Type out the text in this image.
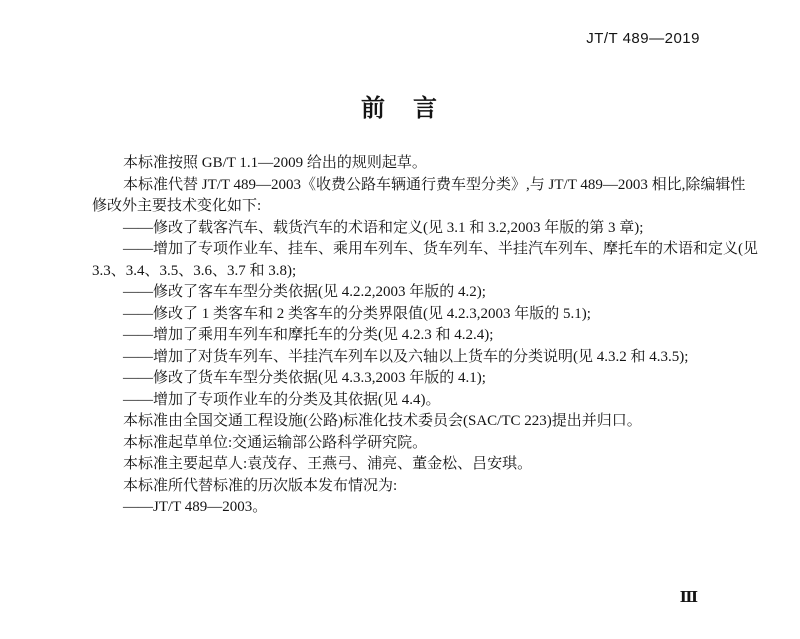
JT/T 489—2019
前　言
本标准按照 GB/T 1.1—2009 给出的规则起草。
本标准代替 JT/T 489—2003《收费公路车辆通行费车型分类》,与 JT/T 489—2003 相比,除编辑性
修改外主要技术变化如下:
——修改了载客汽车、载货汽车的术语和定义(见 3.1 和 3.2,2003 年版的第 3 章);
——增加了专项作业车、挂车、乘用车列车、货车列车、半挂汽车列车、摩托车的术语和定义(见
3.3、3.4、3.5、3.6、3.7 和 3.8);
——修改了客车车型分类依据(见 4.2.2,2003 年版的 4.2);
——修改了 1 类客车和 2 类客车的分类界限值(见 4.2.3,2003 年版的 5.1);
——增加了乘用车列车和摩托车的分类(见 4.2.3 和 4.2.4);
——增加了对货车列车、半挂汽车列车以及六轴以上货车的分类说明(见 4.3.2 和 4.3.5);
——修改了货车车型分类依据(见 4.3.3,2003 年版的 4.1);
——增加了专项作业车的分类及其依据(见 4.4)。
本标准由全国交通工程设施(公路)标准化技术委员会(SAC/TC 223)提出并归口。
本标准起草单位:交通运输部公路科学研究院。
本标准主要起草人:袁茂存、王燕弓、浦亮、董金松、吕安琪。
本标准所代替标准的历次版本发布情况为:
——JT/T 489—2003。
Ⅲ
